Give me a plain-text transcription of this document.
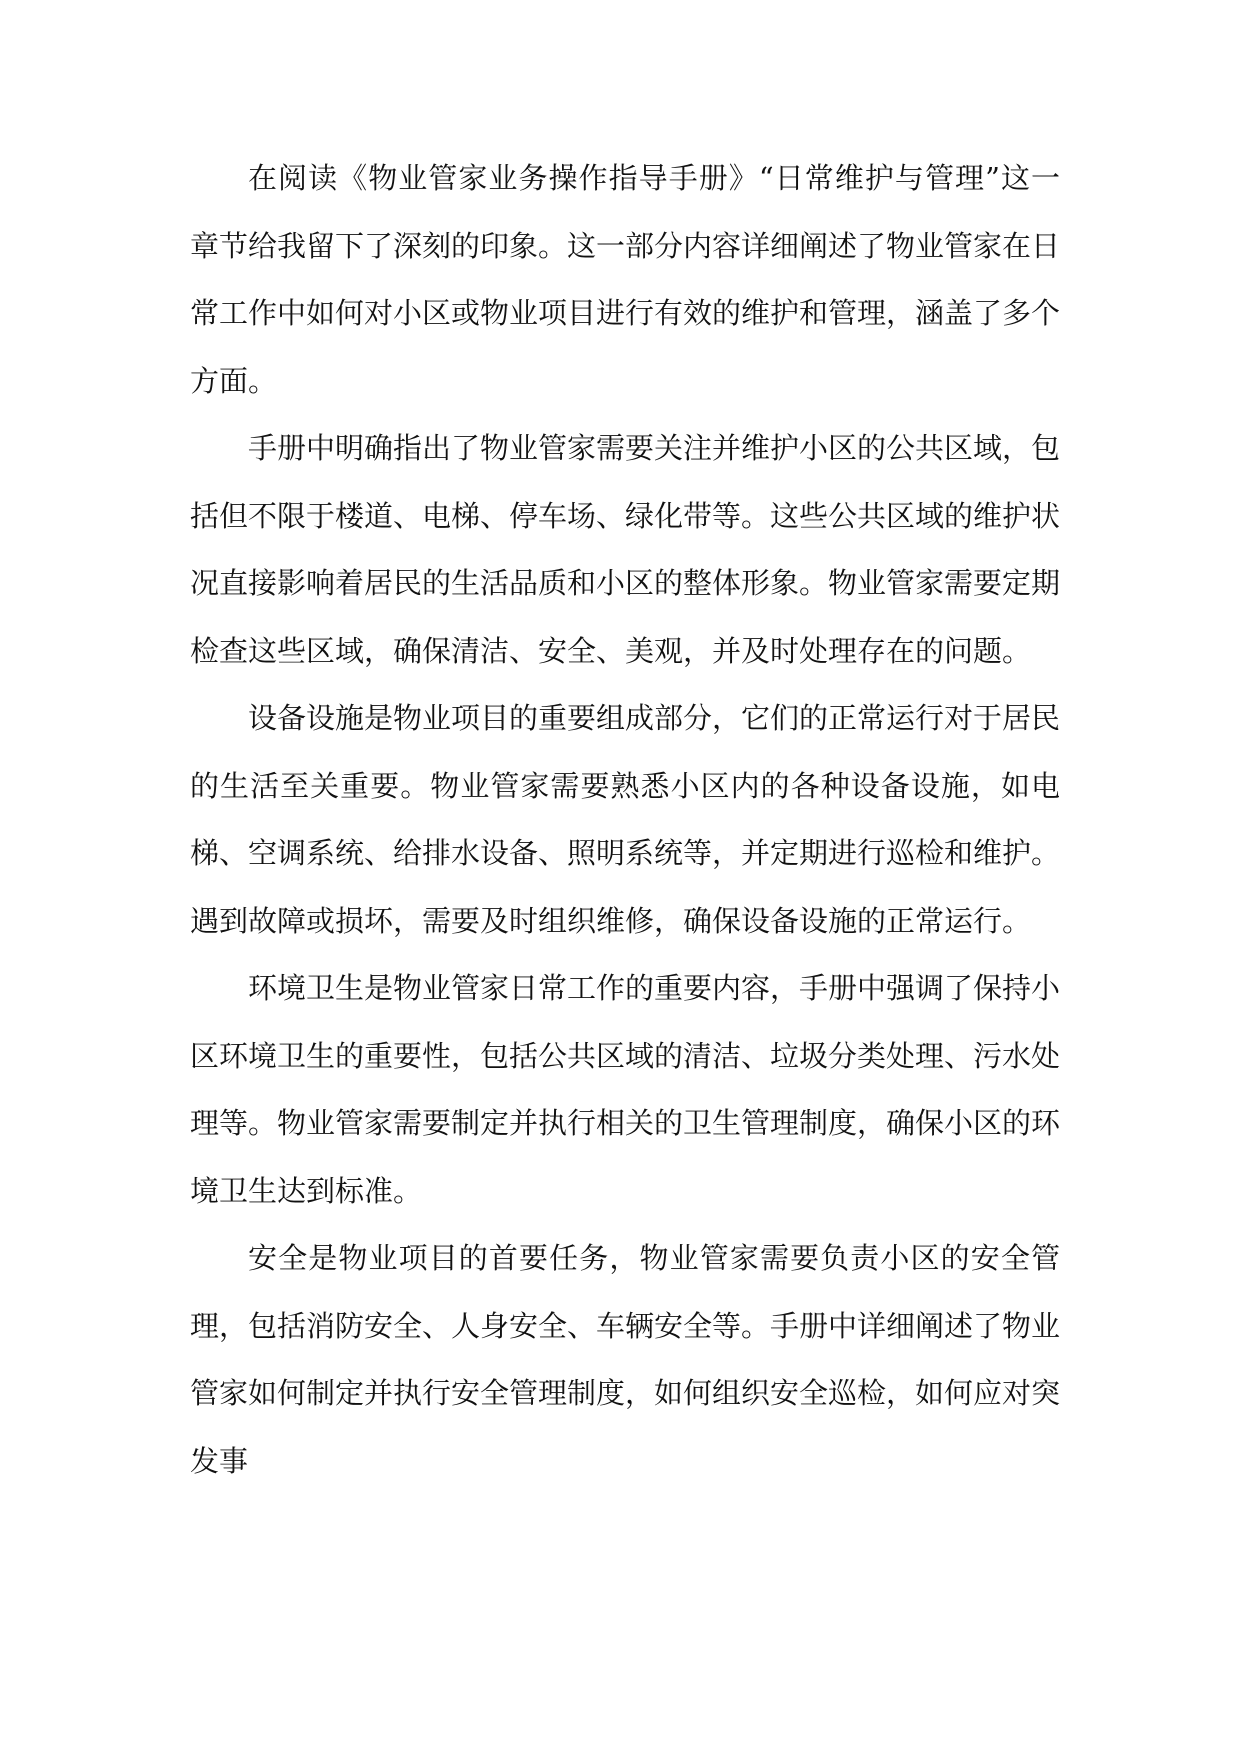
在阅读《物业管家业务操作指导手册》“日常维护与管理”这一章节给我留下了深刻的印象。这一部分内容详细阐述了物业管家在日常工作中如何对小区或物业项目进行有效的维护和管理，涵盖了多个方面。

手册中明确指出了物业管家需要关注并维护小区的公共区域，包括但不限于楼道、电梯、停车场、绿化带等。这些公共区域的维护状况直接影响着居民的生活品质和小区的整体形象。物业管家需要定期检查这些区域，确保清洁、安全、美观，并及时处理存在的问题。

设备设施是物业项目的重要组成部分，它们的正常运行对于居民的生活至关重要。物业管家需要熟悉小区内的各种设备设施，如电梯、空调系统、给排水设备、照明系统等，并定期进行巡检和维护。遇到故障或损坏，需要及时组织维修，确保设备设施的正常运行。

环境卫生是物业管家日常工作的重要内容，手册中强调了保持小区环境卫生的重要性，包括公共区域的清洁、垃圾分类处理、污水处理等。物业管家需要制定并执行相关的卫生管理制度，确保小区的环境卫生达到标准。

安全是物业项目的首要任务，物业管家需要负责小区的安全管理，包括消防安全、人身安全、车辆安全等。手册中详细阐述了物业管家如何制定并执行安全管理制度，如何组织安全巡检，如何应对突发事
